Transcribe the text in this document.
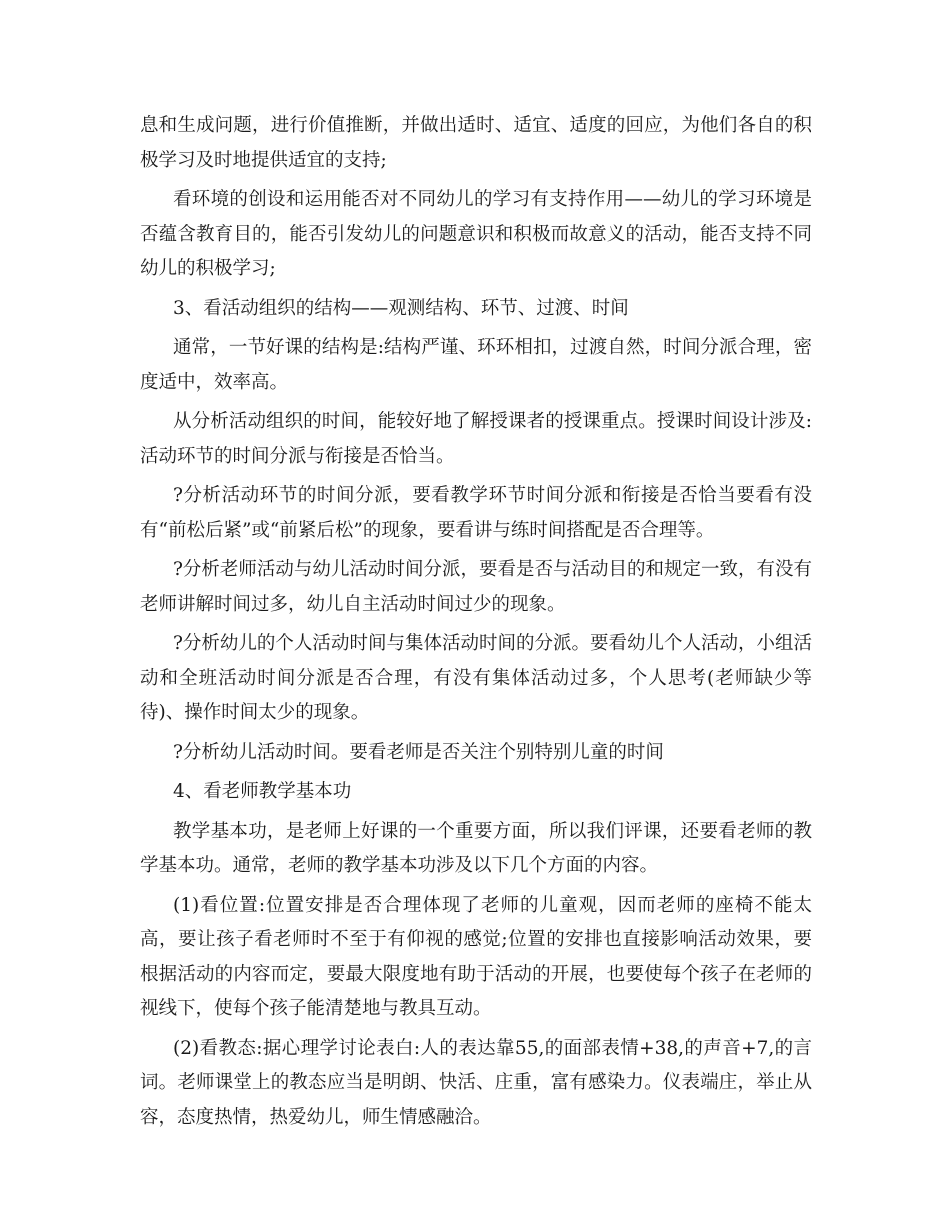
息和生成问题，进行价值推断，并做出适时、适宜、适度的回应，为他们各自的积极学习及时地提供适宜的支持;

看环境的创设和运用能否对不同幼儿的学习有支持作用——幼儿的学习环境是否蕴含教育目的，能否引发幼儿的问题意识和积极而故意义的活动，能否支持不同幼儿的积极学习;

3、看活动组织的结构——观测结构、环节、过渡、时间

通常，一节好课的结构是:结构严谨、环环相扣，过渡自然，时间分派合理，密度适中，效率高。

从分析活动组织的时间，能较好地了解授课者的授课重点。授课时间设计涉及:活动环节的时间分派与衔接是否恰当。

?分析活动环节的时间分派，要看教学环节时间分派和衔接是否恰当要看有没有“前松后紧”或“前紧后松”的现象，要看讲与练时间搭配是否合理等。

?分析老师活动与幼儿活动时间分派，要看是否与活动目的和规定一致，有没有老师讲解时间过多，幼儿自主活动时间过少的现象。

?分析幼儿的个人活动时间与集体活动时间的分派。要看幼儿个人活动，小组活动和全班活动时间分派是否合理，有没有集体活动过多，个人思考(老师缺少等待)、操作时间太少的现象。

?分析幼儿活动时间。要看老师是否关注个别特别儿童的时间

4、看老师教学基本功

教学基本功，是老师上好课的一个重要方面，所以我们评课，还要看老师的教学基本功。通常，老师的教学基本功涉及以下几个方面的内容。

(1)看位置:位置安排是否合理体现了老师的儿童观，因而老师的座椅不能太高，要让孩子看老师时不至于有仰视的感觉;位置的安排也直接影响活动效果，要根据活动的内容而定，要最大限度地有助于活动的开展，也要使每个孩子在老师的视线下，使每个孩子能清楚地与教具互动。

(2)看教态:据心理学讨论表白:人的表达靠55,的面部表情+38,的声音+7,的言词。老师课堂上的教态应当是明朗、快活、庄重，富有感染力。仪表端庄，举止从容，态度热情，热爱幼儿，师生情感融洽。
